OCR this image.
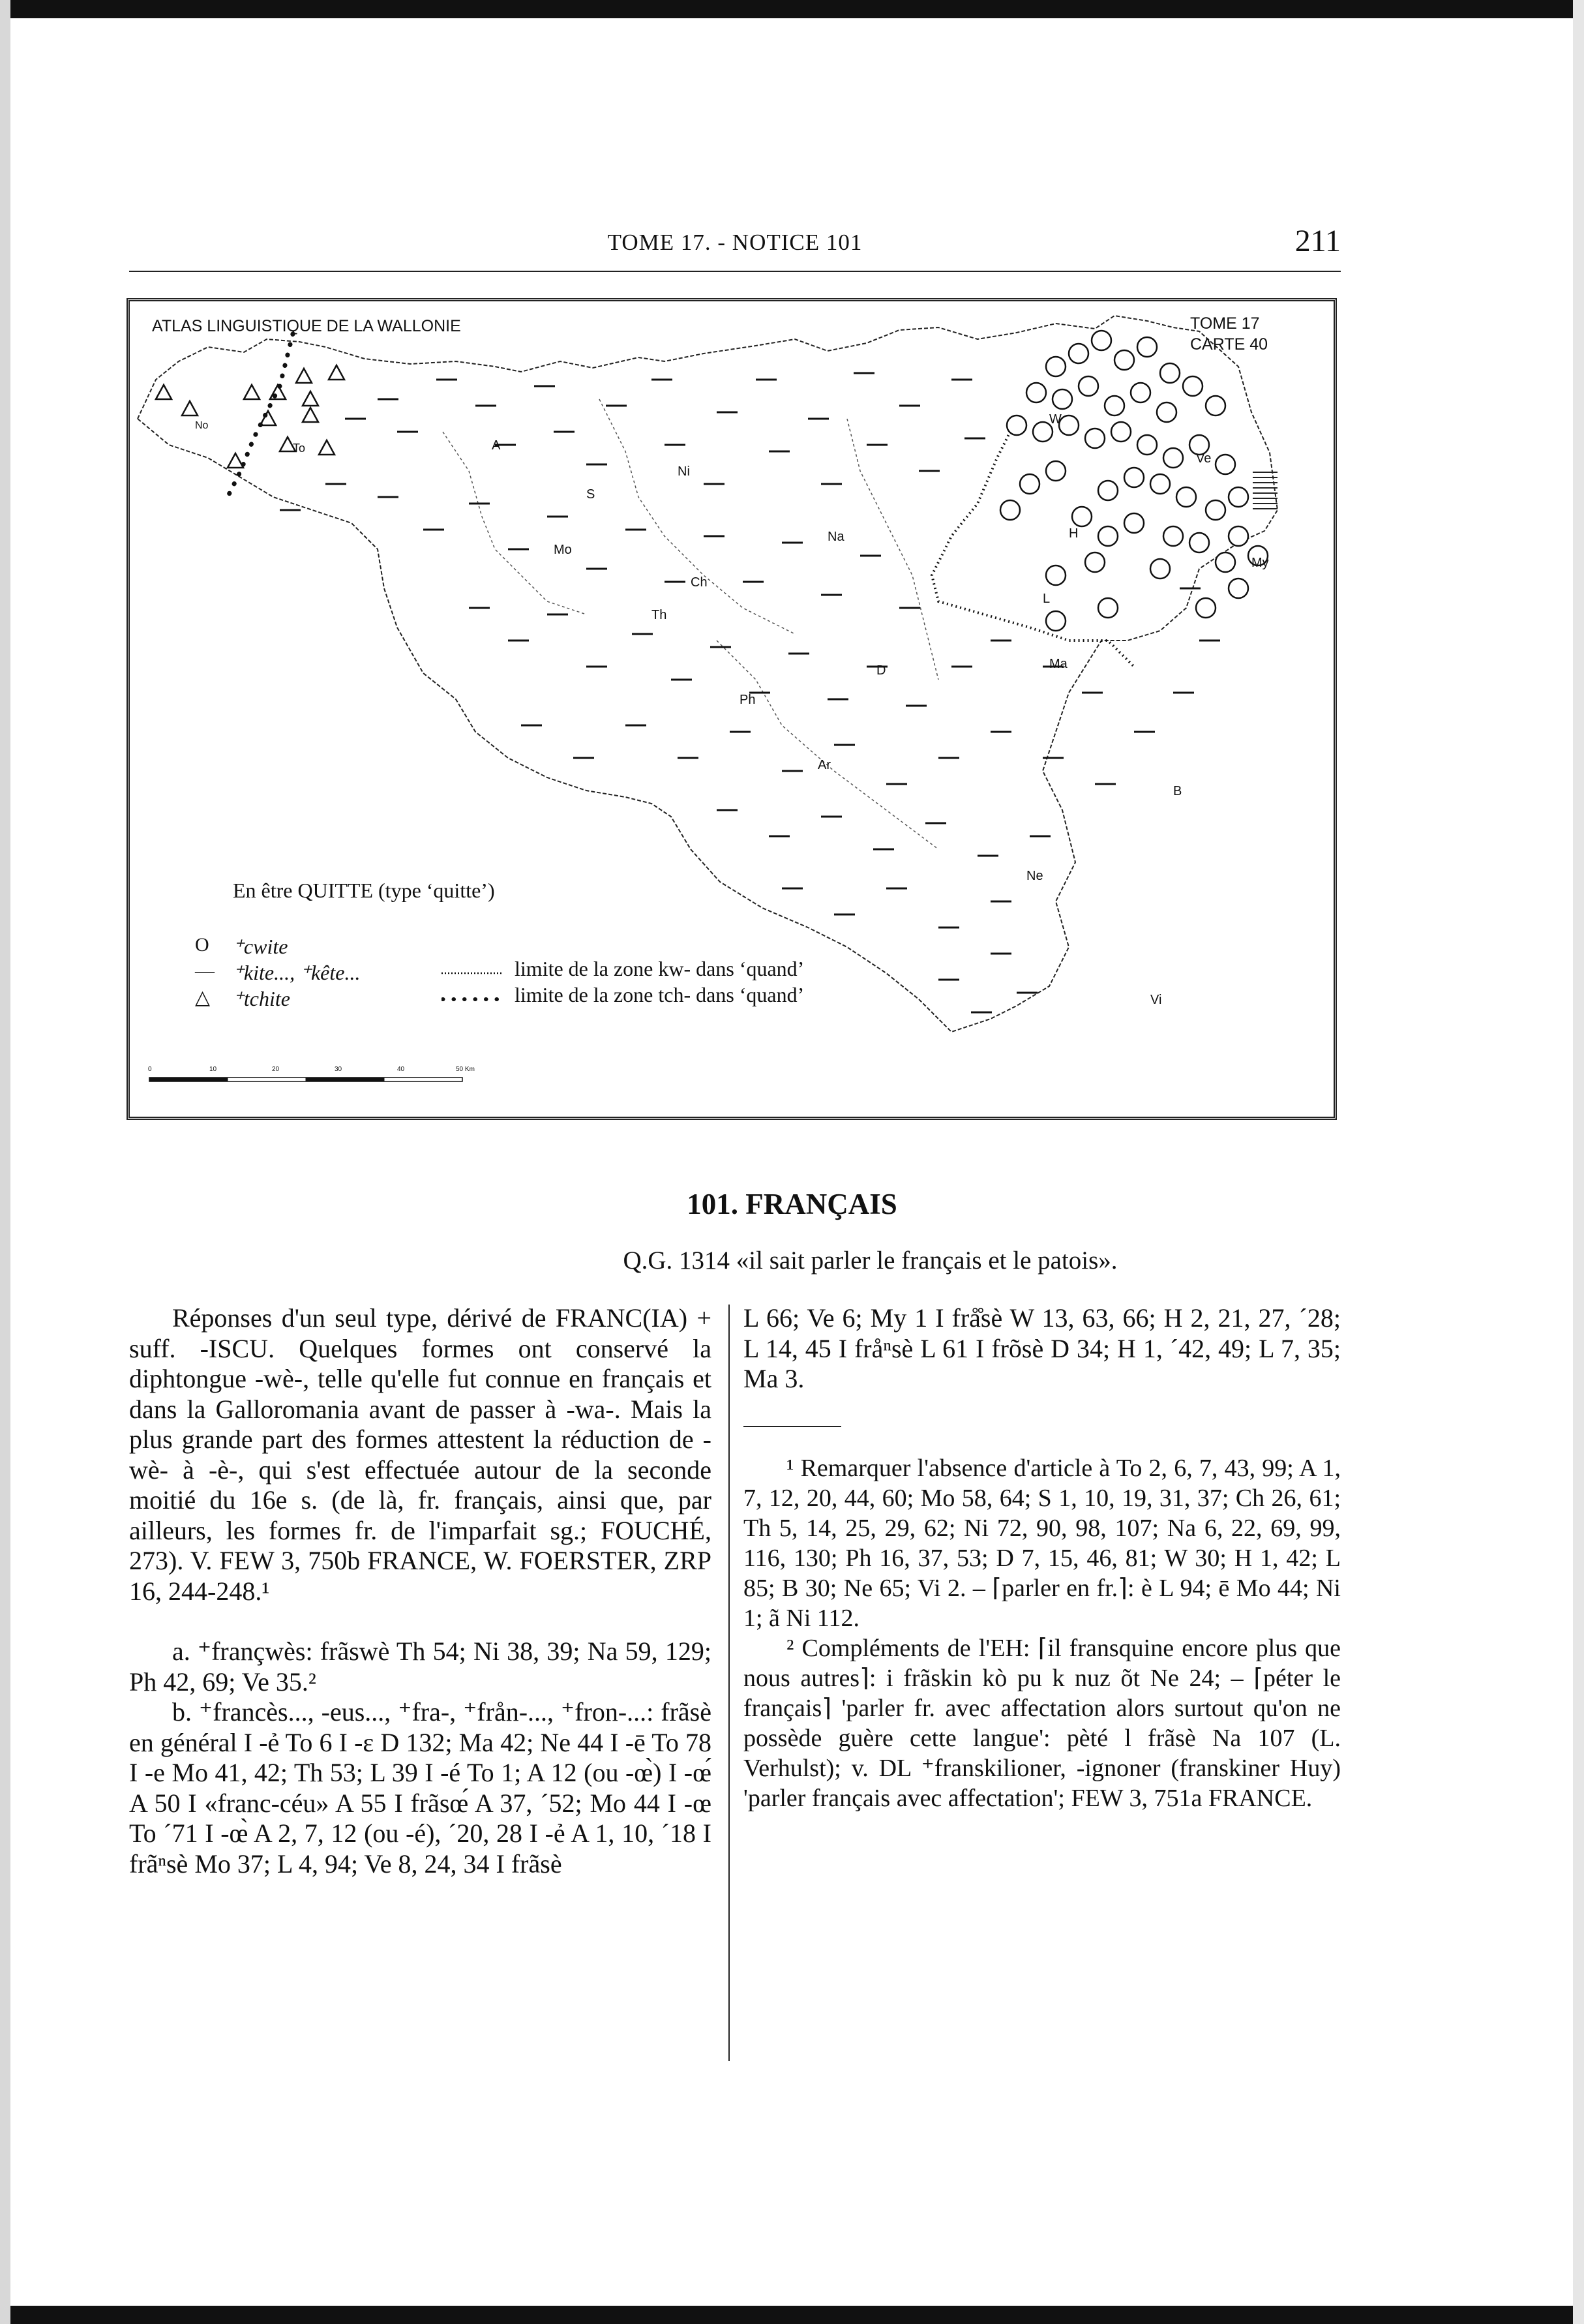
TOME 17. - NOTICE 101	211
ATLAS LINGUISTIQUE DE LA WALLONIE	TOME 17
CARTE 40
To
Mo
S
Ni
Na
Ch
Th
Ph
D
Ar
Ne
B
Vi
H
W
Ve
My
L
Ma
A
No
En être QUITTE (type ‘quitte’)
O ⁺cwite
— ⁺kite..., ⁺kête...
△ ⁺tchite
limite de la zone kw- dans ‘quand’
limite de la zone tch- dans ‘quand’
0	10	20	30	40	50 Km
101. FRANÇAIS
Q.G. 1314 «il sait parler le français et le patois».

Réponses d'un seul type, dérivé de FRANC(IA) + suff. -ISCU. Quelques formes ont conservé la diphtongue -wè-, telle qu'elle fut connue en français et dans la Galloromania avant de passer à -wa-. Mais la plus grande part des formes attestent la réduction de -wè- à -è-, qui s'est effectuée autour de la seconde moitié du 16e s. (de là, fr. français, ainsi que, par ailleurs, les formes fr. de l'imparfait sg.; FOUCHÉ, 273). V. FEW 3, 750b FRANCE, W. FOERSTER, ZRP 16, 244-248.¹

a. ⁺françwès: frãswè Th 54; Ni 38, 39; Na 59, 129; Ph 42, 69; Ve 35.²

b. ⁺francès..., -eus..., ⁺fra-, ⁺från-..., ⁺fron-...: frãsè en général I -ẻ To 6 I -ε D 132; Ma 42; Ne 44 I -ē To 78 I -e Mo 41, 42; Th 53; L 39 I -é To 1; A 12 (ou -œ̀) I -œ́ A 50 I «franc-céu» A 55 I frãsœ́ A 37, ´52; Mo 44 I -œ To ´71 I -œ̀ A 2, 7, 12 (ou -é), ´20, 28 I -ẻ A 1, 10, ´18 I frãⁿsè Mo 37; L 4, 94; Ve 8, 24, 34 I frãsè

L 66; Ve 6; My 1 I frå̊sè W 13, 63, 66; H 2, 21, 27, ´28; L 14, 45 I fråⁿsè L 61 I frõsè D 34; H 1, ´42, 49; L 7, 35; Ma 3.

¹ Remarquer l'absence d'article à To 2, 6, 7, 43, 99; A 1, 7, 12, 20, 44, 60; Mo 58, 64; S 1, 10, 19, 31, 37; Ch 26, 61; Th 5, 14, 25, 29, 62; Ni 72, 90, 98, 107; Na 6, 22, 69, 99, 116, 130; Ph 16, 37, 53; D 7, 15, 46, 81; W 30; H 1, 42; L 85; B 30; Ne 65; Vi 2. – ⌈parler en fr.⌉: è L 94; ē Mo 44; Ni 1; ã Ni 112.

² Compléments de l'EH: ⌈il fransquine encore plus que nous autres⌉: i frãskin kò pu k nuz õt Ne 24; – ⌈péter le français⌉ 'parler fr. avec affectation alors surtout qu'on ne possède guère cette langue': pèté l frãsè Na 107 (L. Verhulst); v. DL ⁺franskilioner, -ignoner (franskiner Huy) 'parler français avec affectation'; FEW 3, 751a FRANCE.
